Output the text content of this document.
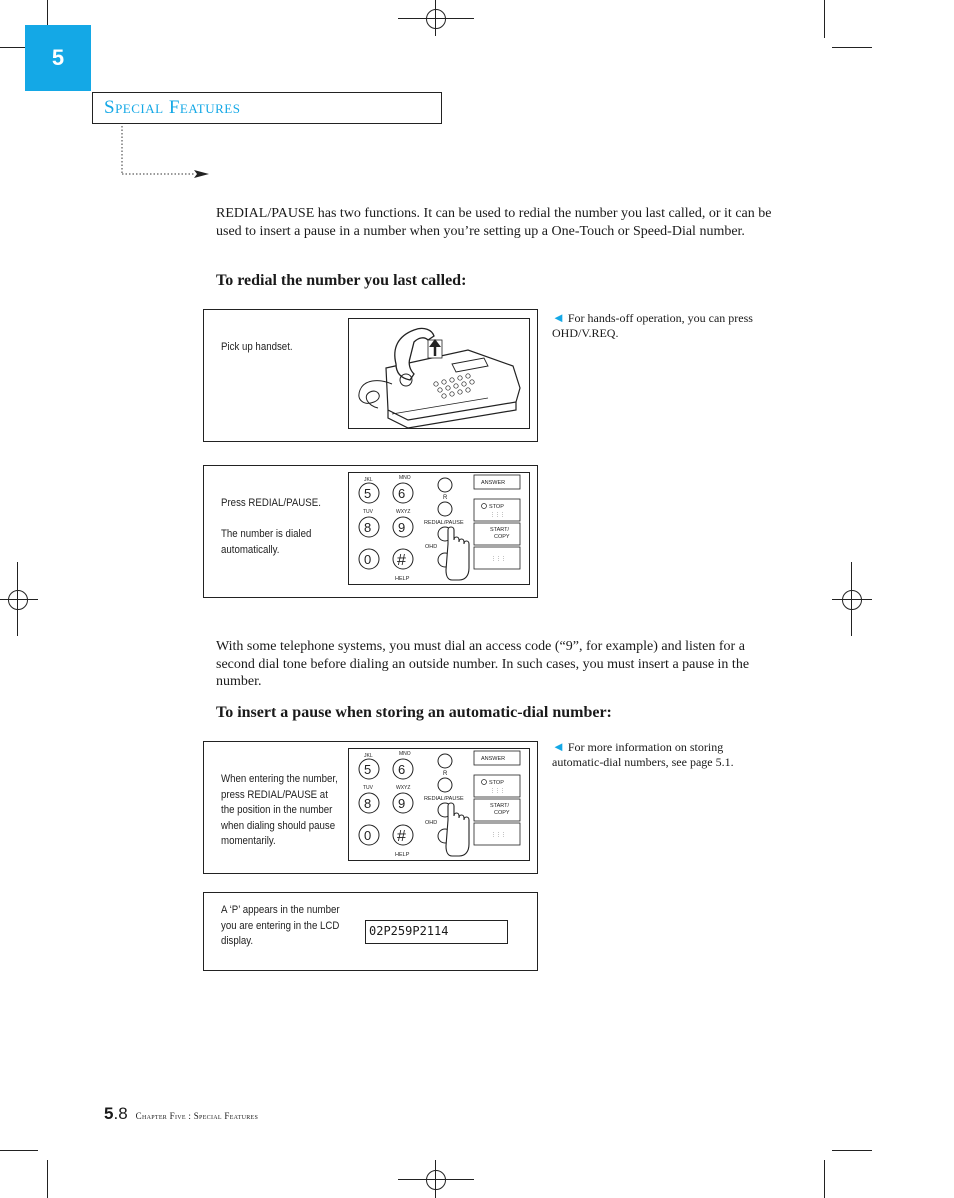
5
Special Features
REDIAL/PAUSE has two functions. It can be used to redial the number you last called, or it can be used to insert a pause in a number when you’re setting up a One-Touch or Speed-Dial number.
To redial the number you last called:
Pick up handset.
◄ For hands-off operation, you can press OHD/V.REQ.
Press REDIAL/PAUSE.
The number is dialed automatically.
JKL	MNO
5 6
TUV	WXYZ
8 9
0 #
HELP
R
REDIAL/PAUSE
OHD
ANSWER
STOP
⋮⋮⋮
START/
COPY
⋮⋮⋮
With some telephone systems, you must dial an access code (“9”, for example) and listen for a second dial tone before dialing an outside number. In such cases, you must insert a pause in the number.
To insert a pause when storing an automatic-dial number:
When entering the number, press REDIAL/PAUSE at the position in the number when dialing should pause momentarily.
JKL	MNO
5 6
TUV	WXYZ
8 9
0 #
HELP
R
REDIAL/PAUSE
OHD
ANSWER
STOP
⋮⋮⋮
START/
COPY
⋮⋮⋮
◄ For more information on storing automatic-dial numbers, see page 5.1.
A ‘P’ appears in the number you are entering in the LCD display.
02P259P2114
5.8 Chapter Five : Special Features
